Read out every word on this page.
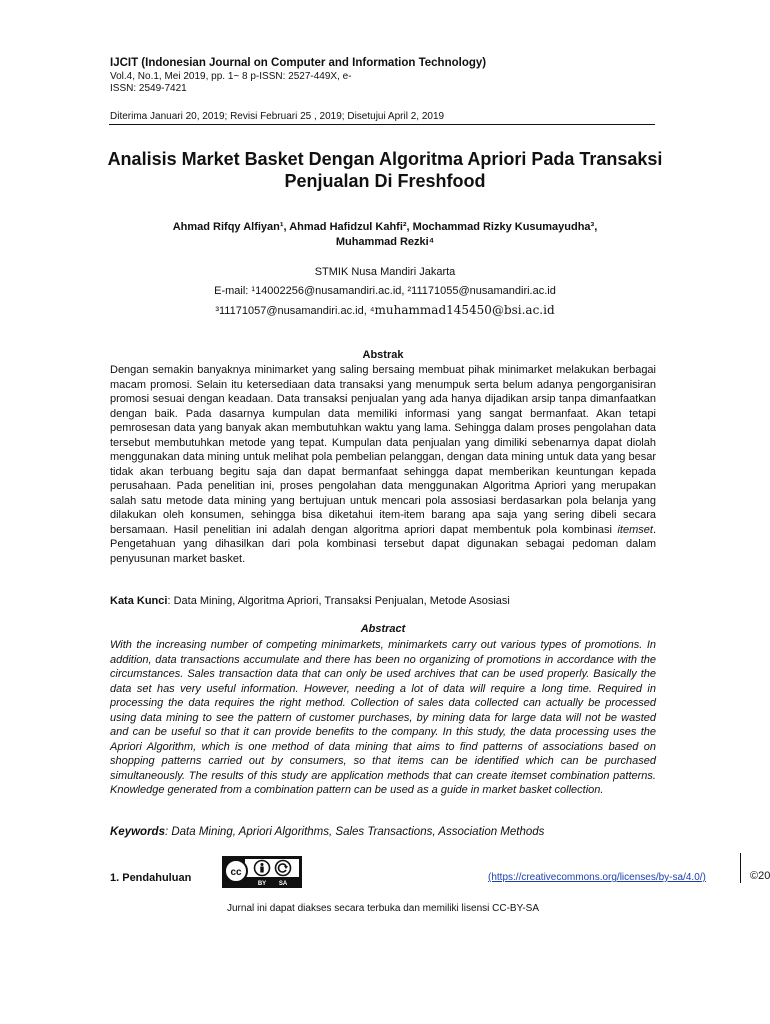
IJCIT (Indonesian Journal on Computer and Information Technology)
Vol.4, No.1, Mei 2019, pp. 1~ 8 p-ISSN: 2527-449X, e-ISSN: 2549-7421
Diterima Januari 20, 2019; Revisi Februari 25 , 2019; Disetujui April 2, 2019
Analisis Market Basket Dengan Algoritma Apriori Pada Transaksi Penjualan Di Freshfood
Ahmad Rifqy Alfiyan¹, Ahmad Hafidzul Kahfi², Mochammad Rizky Kusumayudha³,
Muhammad Rezki⁴
STMIK Nusa Mandiri Jakarta
E-mail: ¹14002256@nusamandiri.ac.id, ²11171055@nusamandiri.ac.id
³11171057@nusamandiri.ac.id, ⁴muhammad145450@bsi.ac.id
Abstrak
Dengan semakin banyaknya minimarket yang saling bersaing membuat pihak minimarket melakukan berbagai macam promosi. Selain itu ketersediaan data transaksi yang menumpuk serta belum adanya pengorganisiran promosi sesuai dengan keadaan. Data transaksi penjualan yang ada hanya dijadikan arsip tanpa dimanfaatkan dengan baik. Pada dasarnya kumpulan data memiliki informasi yang sangat bermanfaat. Akan tetapi pemrosesan data yang banyak akan membutuhkan waktu yang lama. Sehingga dalam proses pengolahan data tersebut membutuhkan metode yang tepat. Kumpulan data penjualan yang dimiliki sebenarnya dapat diolah menggunakan data mining untuk melihat pola pembelian pelanggan, dengan data mining untuk data yang besar tidak akan terbuang begitu saja dan dapat bermanfaat sehingga dapat memberikan keuntungan kepada perusahaan. Pada penelitian ini, proses pengolahan data menggunakan Algoritma Apriori yang merupakan salah satu metode data mining yang bertujuan untuk mencari pola assosiasi berdasarkan pola belanja yang dilakukan oleh konsumen, sehingga bisa diketahui item-item barang apa saja yang sering dibeli secara bersamaan. Hasil penelitian ini adalah dengan algoritma apriori dapat membentuk pola kombinasi itemset. Pengetahuan yang dihasilkan dari pola kombinasi tersebut dapat digunakan sebagai pedoman dalam penyusunan market basket.
Kata Kunci: Data Mining, Algoritma Apriori, Transaksi Penjualan, Metode Asosiasi
Abstract
With the increasing number of competing minimarkets, minimarkets carry out various types of promotions. In addition, data transactions accumulate and there has been no organizing of promotions in accordance with the circumstances. Sales transaction data that can only be used archives that can be used properly. Basically the data set has very useful information. However, needing a lot of data will require a long time. Required in processing the data requires the right method. Collection of sales data collected can actually be processed using data mining to see the pattern of customer purchases, by mining data for large data will not be wasted and can be useful so that it can provide benefits to the company. In this study, the data processing uses the Apriori Algorithm, which is one method of data mining that aims to find patterns of associations based on shopping patterns carried out by consumers, so that items can be identified which can be purchased simultaneously. The results of this study are application methods that can create itemset combination patterns. Knowledge generated from a combination pattern can be used as a guide in market basket collection.
Keywords: Data Mining, Apriori Algorithms, Sales Transactions, Association Methods
1. Pendahuluan	cc
BY SA
(https://creativecommons.org/licenses/by-sa/4.0/)	©20
Jurnal ini dapat diakses secara terbuka dan memiliki lisensi CC-BY-SA
